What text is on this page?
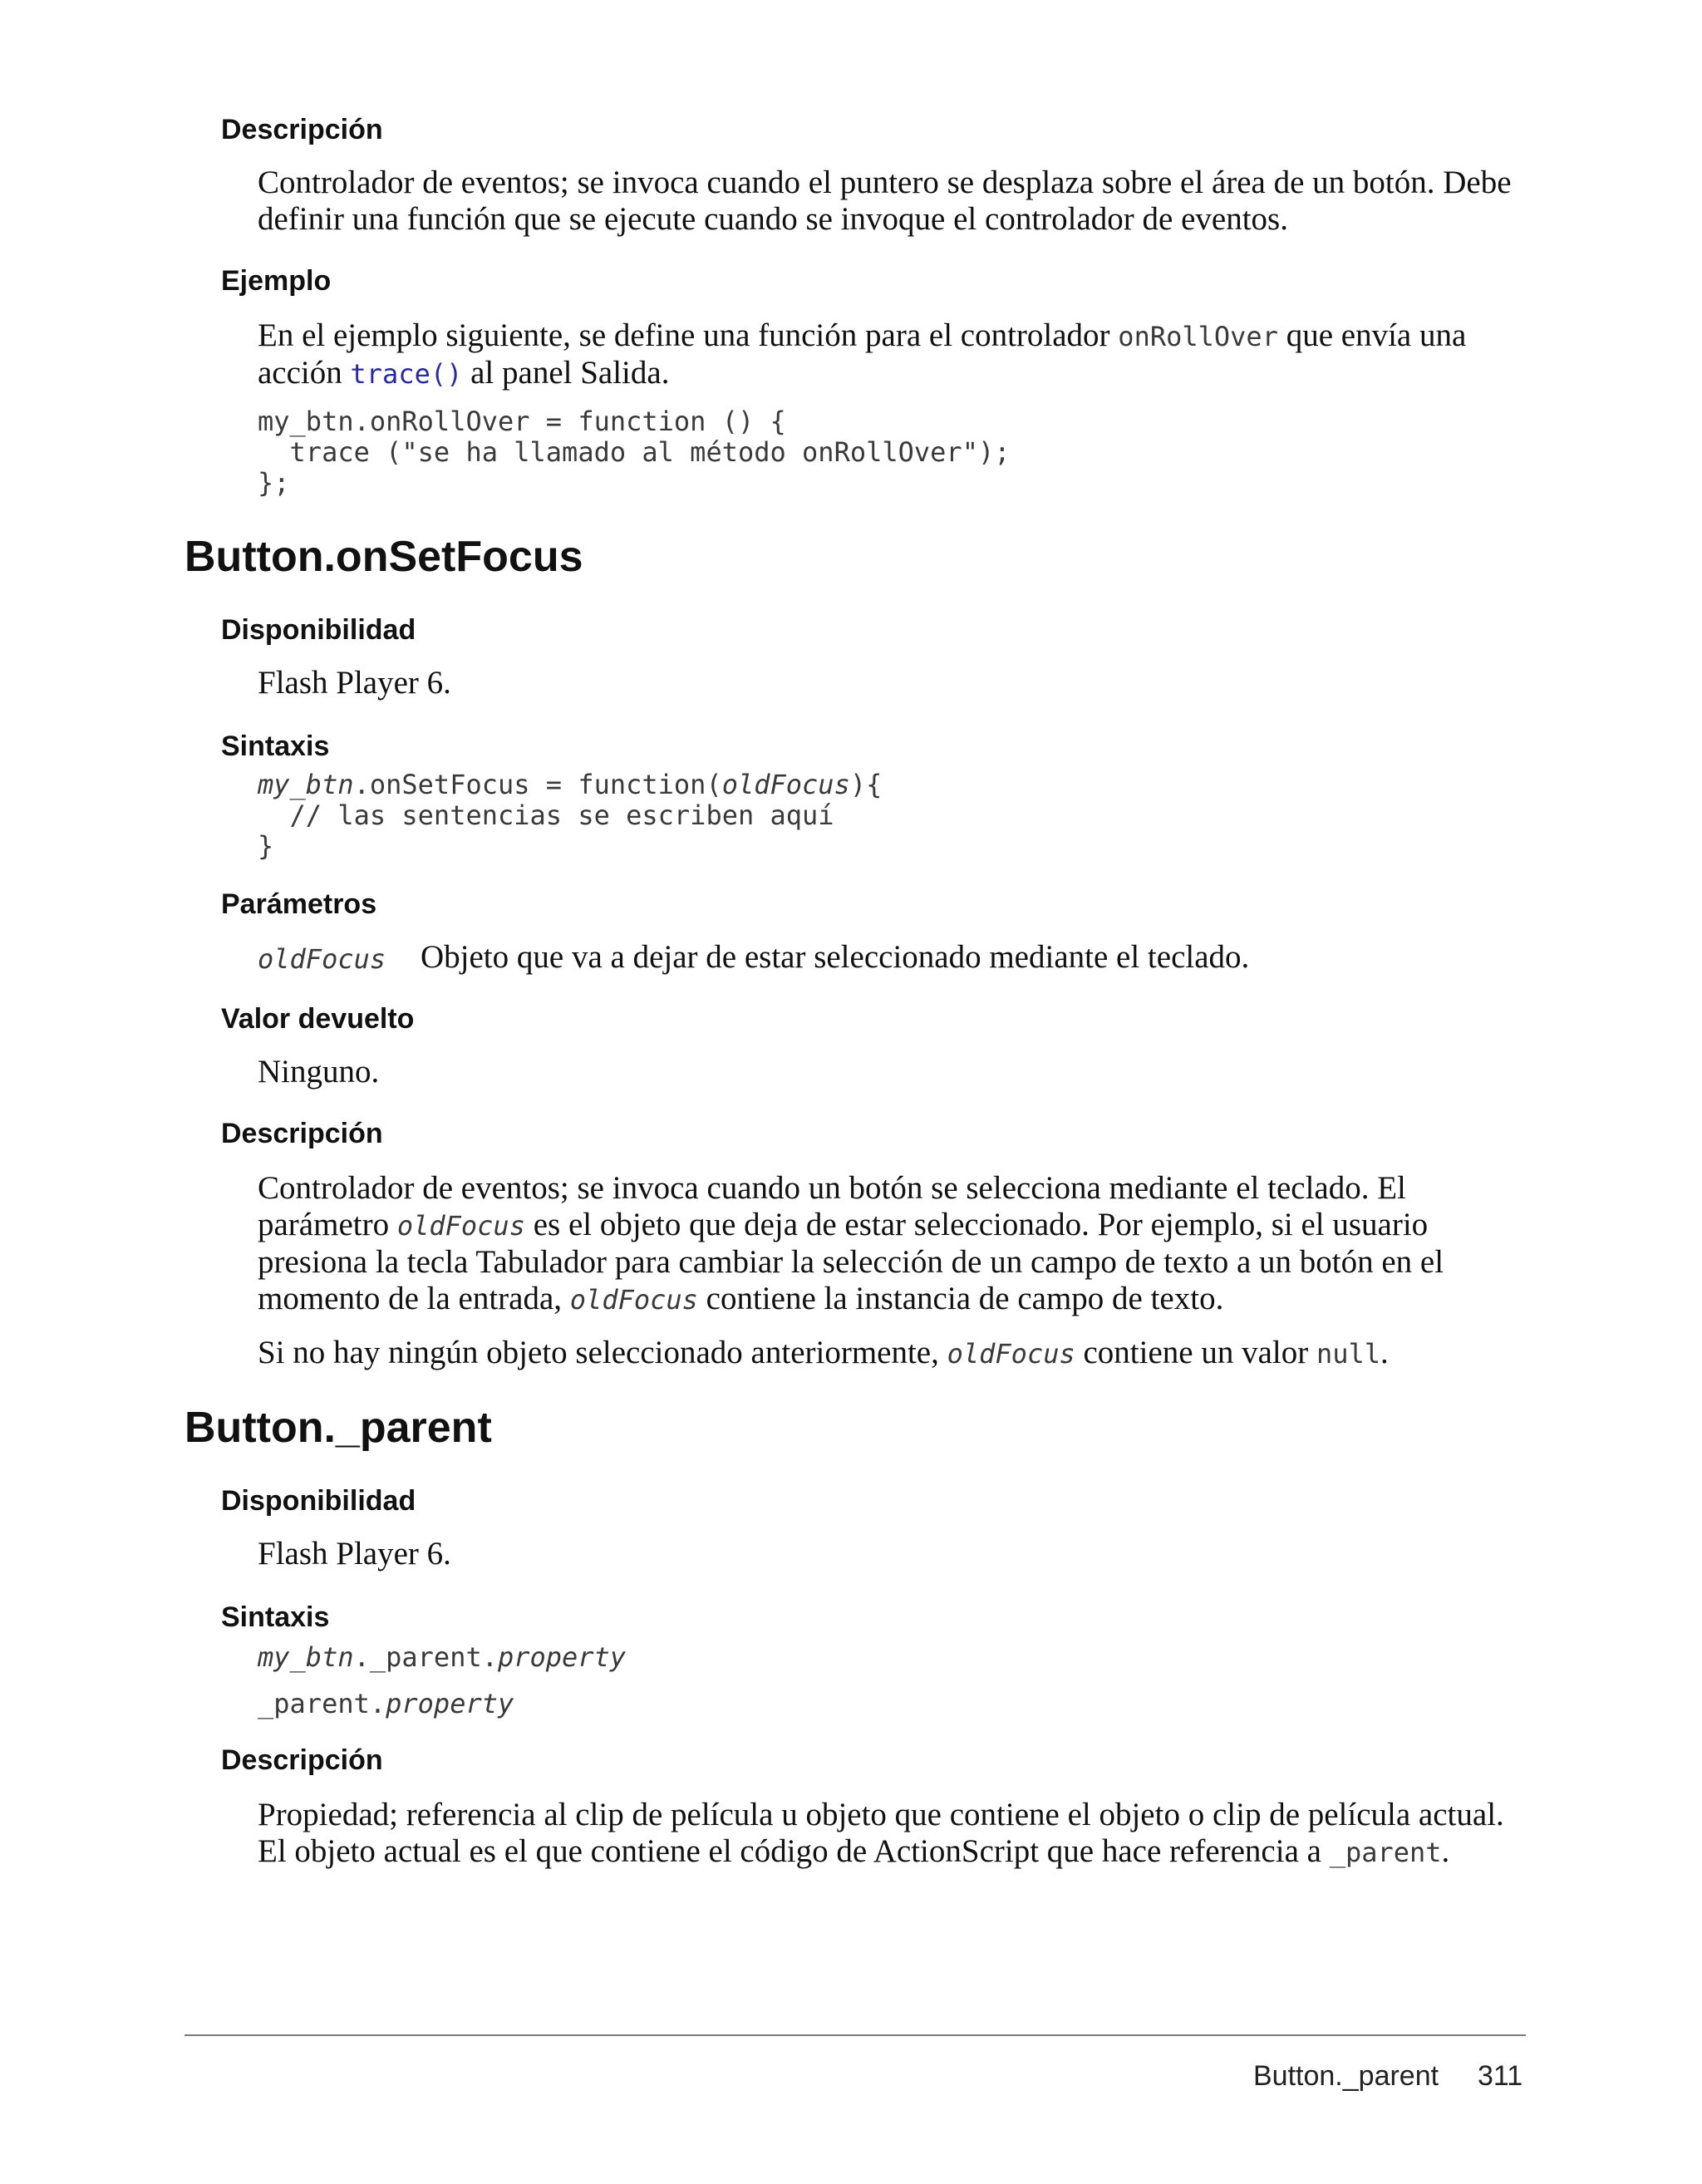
Descripción

Controlador de eventos; se invoca cuando el puntero se desplaza sobre el área de un botón. Debe definir una función que se ejecute cuando se invoque el controlador de eventos.

Ejemplo

En el ejemplo siguiente, se define una función para el controlador onRollOver que envía una acción trace() al panel Salida.

my_btn.onRollOver = function () {
trace ("se ha llamado al método onRollOver");
};
Button.onSetFocus
Disponibilidad

Flash Player 6.

Sintaxis
my_btn.onSetFocus = function(oldFocus){
// las sentencias se escriben aquí
}
Parámetros
oldFocus Objeto que va a dejar de estar seleccionado mediante el teclado.
Valor devuelto

Ninguno.

Descripción

Controlador de eventos; se invoca cuando un botón se selecciona mediante el teclado. El parámetro oldFocus es el objeto que deja de estar seleccionado. Por ejemplo, si el usuario presiona la tecla Tabulador para cambiar la selección de un campo de texto a un botón en el momento de la entrada, oldFocus contiene la instancia de campo de texto.

Si no hay ningún objeto seleccionado anteriormente, oldFocus contiene un valor null.

Button._parent
Disponibilidad

Flash Player 6.

Sintaxis
my_btn._parent.property
_parent.property
Descripción

Propiedad; referencia al clip de película u objeto que contiene el objeto o clip de película actual. El objeto actual es el que contiene el código de ActionScript que hace referencia a _parent.

Button._parent 311
